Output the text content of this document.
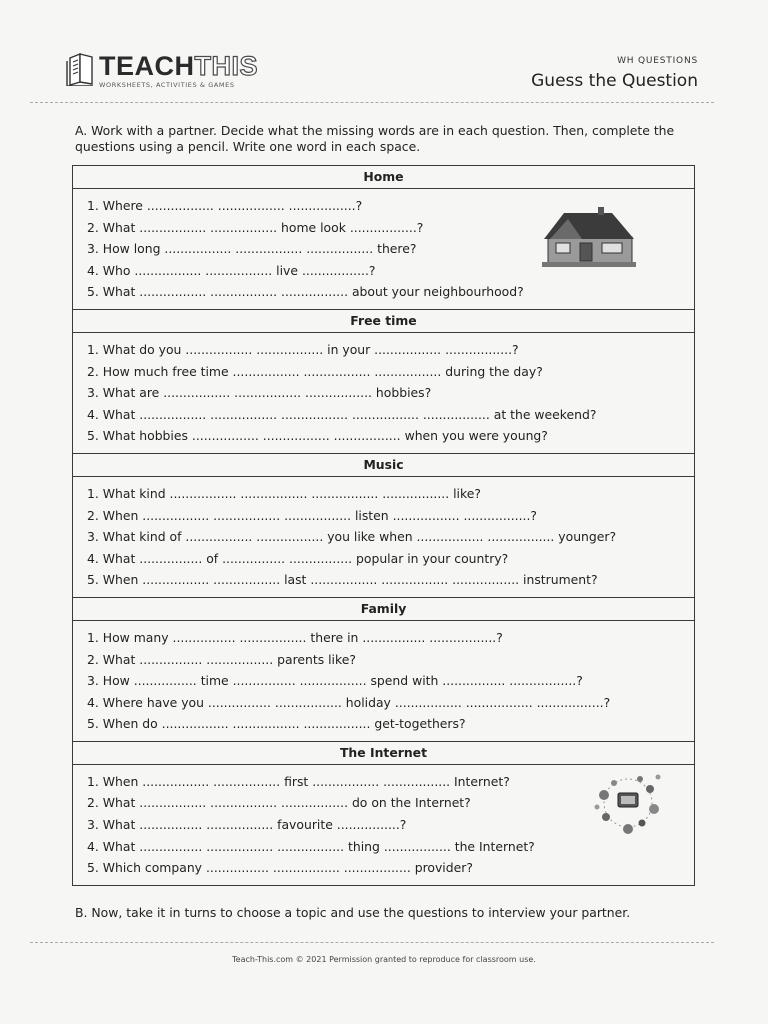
TEACHTHIS
WORKSHEETS, ACTIVITIES & GAMES
WH QUESTIONS
Guess the Question
A. Work with a partner. Decide what the missing words are in each question. Then, complete the questions using a pencil. Write one word in each space.
Home
1. Where ................. ................. .................?
2. What ................. ................. home look .................?
3. How long ................. ................. ................. there?
4. Who ................. ................. live .................?
5. What ................. ................. ................. about your neighbourhood?
Free time
1. What do you ................. ................. in your ................. .................?
2. How much free time ................. ................. ................. during the day?
3. What are ................. ................. ................. hobbies?
4. What ................. ................. ................. ................. ................. at the weekend?
5. What hobbies ................. ................. ................. when you were young?
Music
1. What kind ................. ................. ................. ................. like?
2. When ................. ................. ................. listen ................. .................?
3. What kind of ................. ................. you like when ................. ................. younger?
4. What ................ of ................ ................ popular in your country?
5. When ................. ................. last ................. ................. ................. instrument?
Family
1. How many ................ ................. there in ................ .................?
2. What ................ ................. parents like?
3. How ................ time ................ ................. spend with ................ .................?
4. Where have you ................ ................. holiday ................. ................. .................?
5. When do ................. ................. ................. get-togethers?
The Internet
1. When ................. ................. first ................. ................. Internet?
2. What ................. ................. ................. do on the Internet?
3. What ................ ................. favourite ................?
4. What ................ ................. ................. thing ................. the Internet?
5. Which company ................ ................. ................. provider?
B. Now, take it in turns to choose a topic and use the questions to interview your partner.
Teach-This.com © 2021 Permission granted to reproduce for classroom use.
